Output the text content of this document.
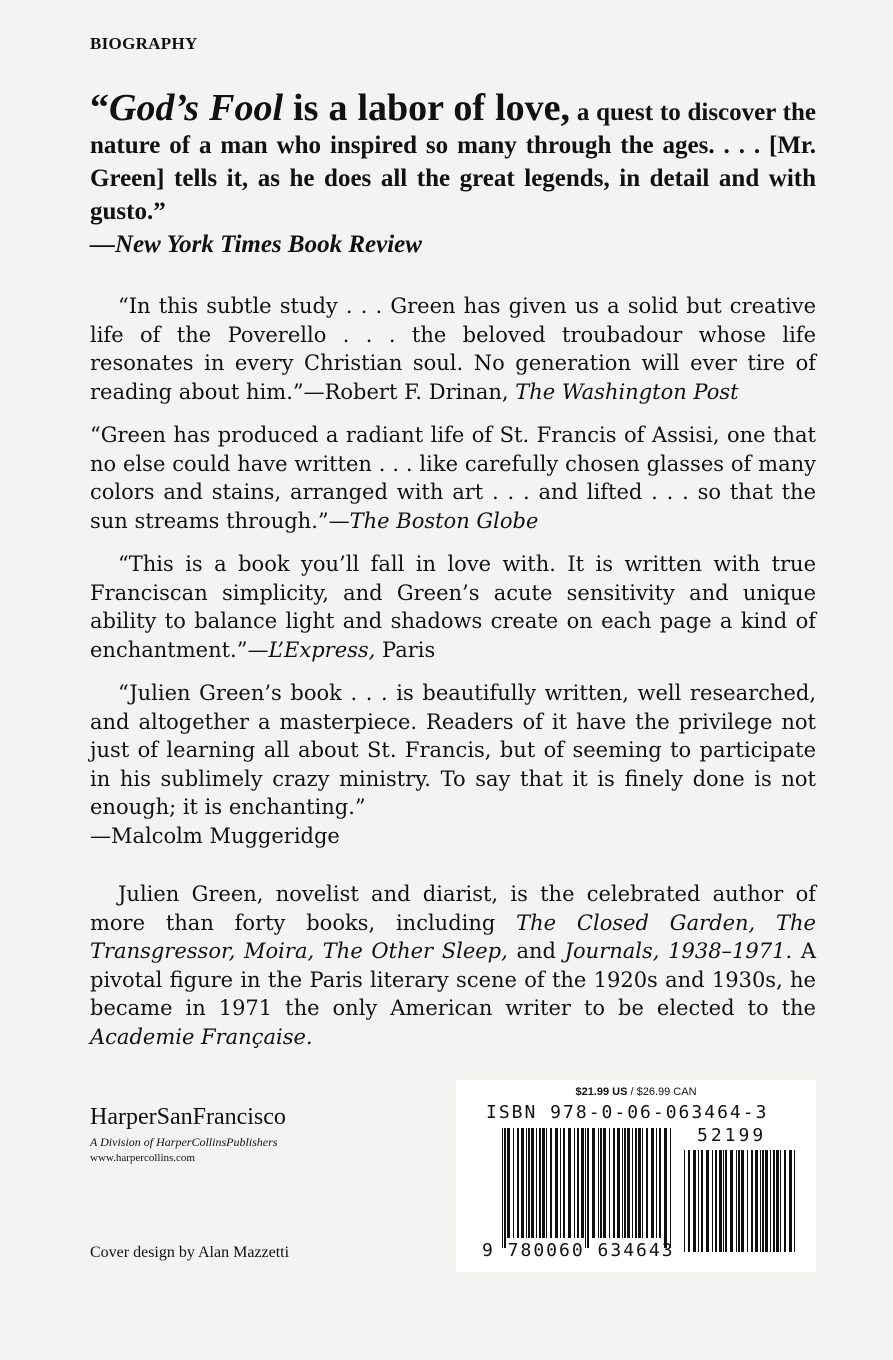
BIOGRAPHY
“God’s Fool is a labor of love, a quest to discover the nature of a man who inspired so many through the ages. . . . [Mr. Green] tells it, as he does all the great legends, in detail and with gusto.”
—New York Times Book Review

“In this subtle study . . . Green has given us a solid but creative life of the Poverello . . . the beloved troubadour whose life resonates in every Christian soul. No generation will ever tire of reading about him.”—Robert F. Drinan, The Washington Post

“Green has produced a radiant life of St. Francis of Assisi, one that no else could have written . . . like carefully chosen glasses of many colors and stains, arranged with art . . . and lifted . . . so that the sun streams through.”—The Boston Globe

“This is a book you’ll fall in love with. It is written with true Franciscan simplicity, and Green’s acute sensitivity and unique ability to balance light and shadows create on each page a kind of enchantment.”—L’Express, Paris

“Julien Green’s book . . . is beautifully written, well researched, and altogether a masterpiece. Readers of it have the privilege not just of learning all about St. Francis, but of seeming to participate in his sublimely crazy ministry. To say that it is finely done is not enough; it is enchanting.”
—Malcolm Muggeridge

Julien Green, novelist and diarist, is the celebrated author of more than forty books, including The Closed Garden, The Transgressor, Moira, The Other Sleep, and Journals, 1938–1971. A pivotal figure in the Paris literary scene of the 1920s and 1930s, he became in 1971 the only American writer to be elected to the Academie Française.

HarperSanFrancisco
A Division of HarperCollinsPublishers
www.harpercollins.com
Cover design by Alan Mazzetti
$21.99 US / $26.99 CAN
ISBN 978-0-06-063464-3
52199
9 780060 634643
